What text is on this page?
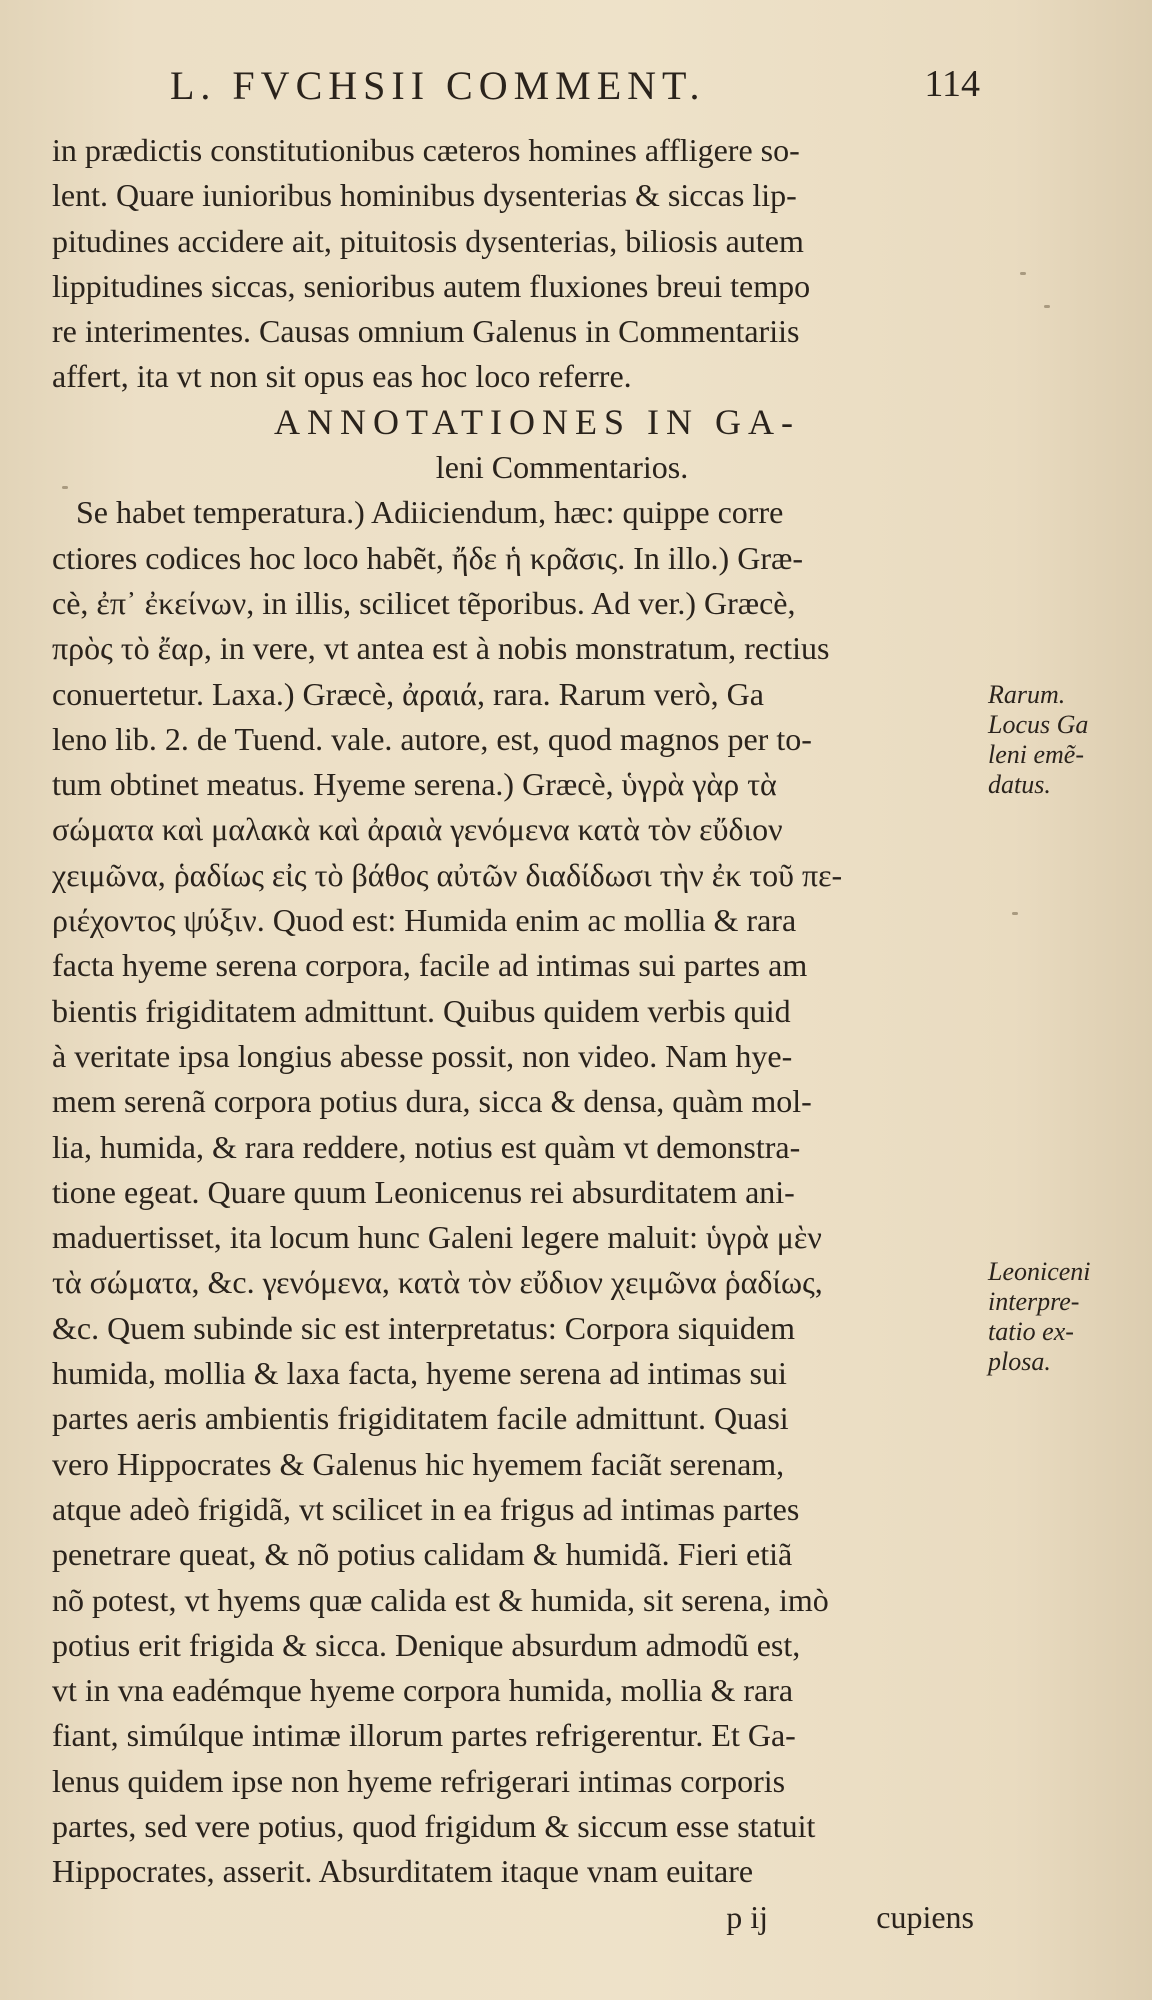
L. FVCHSII COMMENT.	114
in prædictis constitutionibus cæteros homines affligere so-
lent. Quare iunioribus hominibus dysenterias & siccas lip-
pitudines accidere ait, pituitosis dysenterias, biliosis autem
lippitudines siccas, senioribus autem fluxiones breui tempo
re interimentes. Causas omnium Galenus in Commentariis
affert, ita vt non sit opus eas hoc loco referre.
ANNOTATIONES IN GA-
leni Commentarios.
Se habet temperatura.) Adiiciendum, hæc: quippe corre
ctiores codices hoc loco habẽt, ἤδε ἡ κρᾶσις. In illo.) Græ-
cè, ἐπ᾽ ἐκείνων, in illis, scilicet tẽporibus. Ad ver.) Græcè,
πρὸς τὸ ἔαρ, in vere, vt antea est à nobis monstratum, rectius
conuertetur. Laxa.) Græcè, ἀραιά, rara. Rarum verò, Ga
leno lib. 2. de Tuend. vale. autore, est, quod magnos per to-
tum obtinet meatus. Hyeme serena.) Græcè, ὑγρὰ γὰρ τὰ
σώματα καὶ μαλακὰ καὶ ἀραιὰ γενόμενα κατὰ τὸν εὔδιον
χειμῶνα, ῥαδίως εἰς τὸ βάθος αὐτῶν διαδίδωσι τὴν ἐκ τοῦ πε-
ριέχοντος ψύξιν. Quod est: Humida enim ac mollia & rara
facta hyeme serena corpora, facile ad intimas sui partes am
bientis frigiditatem admittunt. Quibus quidem verbis quid
à veritate ipsa longius abesse possit, non video. Nam hye-
mem serenã corpora potius dura, sicca & densa, quàm mol-
lia, humida, & rara reddere, notius est quàm vt demonstra-
tione egeat. Quare quum Leonicenus rei absurditatem ani-
maduertisset, ita locum hunc Galeni legere maluit: ὑγρὰ μὲν
τὰ σώματα, &c. γενόμενα, κατὰ τὸν εὔδιον χειμῶνα ῥαδίως,
&c. Quem subinde sic est interpretatus: Corpora siquidem
humida, mollia & laxa facta, hyeme serena ad intimas sui
partes aeris ambientis frigiditatem facile admittunt. Quasi
vero Hippocrates & Galenus hic hyemem faciãt serenam,
atque adeò frigidã, vt scilicet in ea frigus ad intimas partes
penetrare queat, & nõ potius calidam & humidã. Fieri etiã
nõ potest, vt hyems quæ calida est & humida, sit serena, imò
potius erit frigida & sicca. Denique absurdum admodũ est,
vt in vna eadémque hyeme corpora humida, mollia & rara
fiant, simúlque intimæ illorum partes refrigerentur. Et Ga-
lenus quidem ipse non hyeme refrigerari intimas corporis
partes, sed vere potius, quod frigidum & siccum esse statuit
Hippocrates, asserit. Absurditatem itaque vnam euitare
p ij	cupiens
Rarum.
Locus Ga
leni emẽ-
datus.
Leoniceni
interpre-
tatio ex-
plosa.
